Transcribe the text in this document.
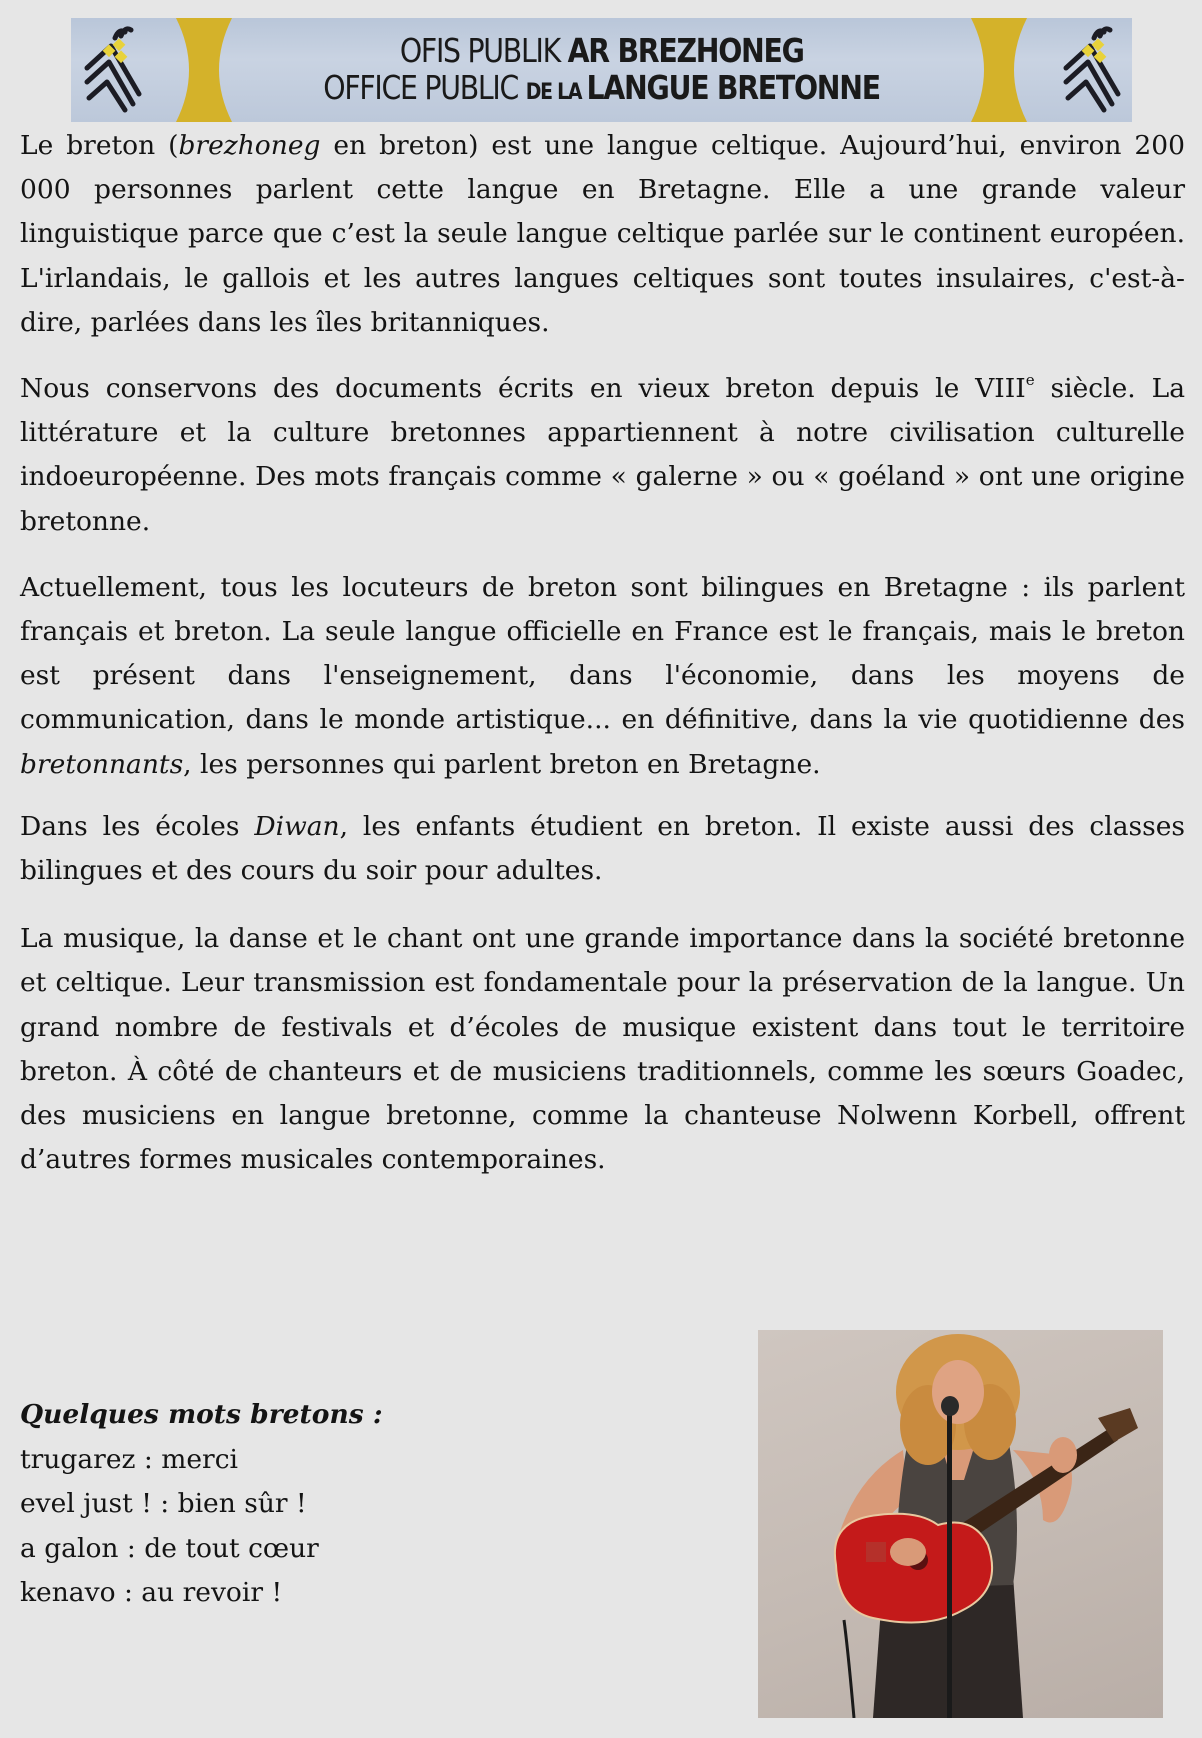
OFIS PUBLIK AR BREZHONEG
OFFICE PUBLIC DE LA LANGUE BRETONNE

Le breton (brezhoneg en breton) est une langue celtique. Aujourd’hui, environ 200 000 personnes parlent cette langue en Bretagne. Elle a une grande valeur linguistique parce que c’est la seule langue celtique parlée sur le continent européen. L'irlandais, le gallois et les autres langues celtiques sont toutes insulaires, c'est-à-dire, parlées dans les îles britanniques.

Nous conservons des documents écrits en vieux breton depuis le VIIIe siècle. La littérature et la culture bretonnes appartiennent à notre civilisation culturelle indoeuropéenne. Des mots français comme « galerne » ou « goéland » ont une origine bretonne.

Actuellement, tous les locuteurs de breton sont bilingues en Bretagne : ils parlent français et breton. La seule langue officielle en France est le français, mais le breton est présent dans l'enseignement, dans l'économie, dans les moyens de communication, dans le monde artistique... en définitive, dans la vie quotidienne des bretonnants, les personnes qui parlent breton en Bretagne.

Dans les écoles Diwan, les enfants étudient en breton. Il existe aussi des classes bilingues et des cours du soir pour adultes.

La musique, la danse et le chant ont une grande importance dans la société bretonne et celtique. Leur transmission est fondamentale pour la préservation de la langue. Un grand nombre de festivals et d’écoles de musique existent dans tout le territoire breton. À côté de chanteurs et de musiciens traditionnels, comme les sœurs Goadec, des musiciens en langue bretonne, comme la chanteuse Nolwenn Korbell, offrent d’autres formes musicales contemporaines.

Quelques mots bretons :
trugarez : merci
evel just ! : bien sûr !
a galon : de tout cœur
kenavo : au revoir !
